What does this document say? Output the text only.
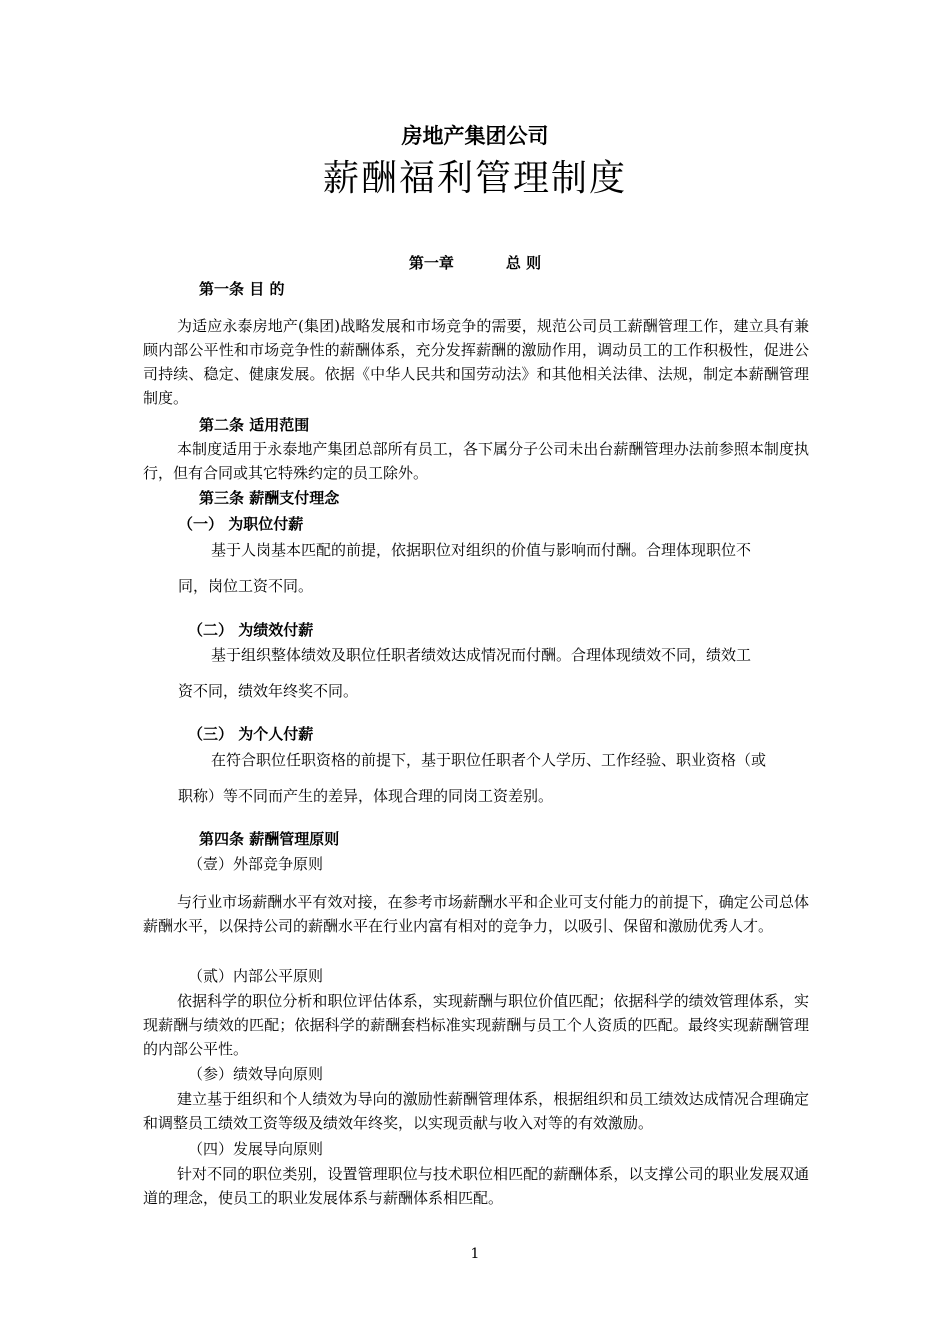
房地产集团公司
薪酬福利管理制度
第一章	总 则
第一条 目 的
为适应永泰房地产(集团)战略发展和市场竞争的需要，规范公司员工薪酬管理工作，建立具有兼顾内部公平性和市场竞争性的薪酬体系，充分发挥薪酬的激励作用，调动员工的工作积极性，促进公司持续、稳定、健康发展。依据《中华人民共和国劳动法》和其他相关法律、法规，制定本薪酬管理制度。
第二条 适用范围
本制度适用于永泰地产集团总部所有员工，各下属分子公司未出台薪酬管理办法前参照本制度执行，但有合同或其它特殊约定的员工除外。
第三条 薪酬支付理念
（一） 为职位付薪
基于人岗基本匹配的前提，依据职位对组织的价值与影响而付酬。合理体现职位不
同，岗位工资不同。
（二） 为绩效付薪
基于组织整体绩效及职位任职者绩效达成情况而付酬。合理体现绩效不同，绩效工
资不同，绩效年终奖不同。
（三） 为个人付薪
在符合职位任职资格的前提下，基于职位任职者个人学历、工作经验、职业资格（或
职称）等不同而产生的差异，体现合理的同岗工资差别。
第四条 薪酬管理原则
（壹）外部竞争原则
与行业市场薪酬水平有效对接，在参考市场薪酬水平和企业可支付能力的前提下，确定公司总体薪酬水平，以保持公司的薪酬水平在行业内富有相对的竞争力，以吸引、保留和激励优秀人才。
（贰）内部公平原则
依据科学的职位分析和职位评估体系，实现薪酬与职位价值匹配；依据科学的绩效管理体系，实现薪酬与绩效的匹配；依据科学的薪酬套档标准实现薪酬与员工个人资质的匹配。最终实现薪酬管理的内部公平性。
（参）绩效导向原则
建立基于组织和个人绩效为导向的激励性薪酬管理体系，根据组织和员工绩效达成情况合理确定和调整员工绩效工资等级及绩效年终奖，以实现贡献与收入对等的有效激励。
（四）发展导向原则
针对不同的职位类别，设置管理职位与技术职位相匹配的薪酬体系，以支撑公司的职业发展双通道的理念，使员工的职业发展体系与薪酬体系相匹配。
1
